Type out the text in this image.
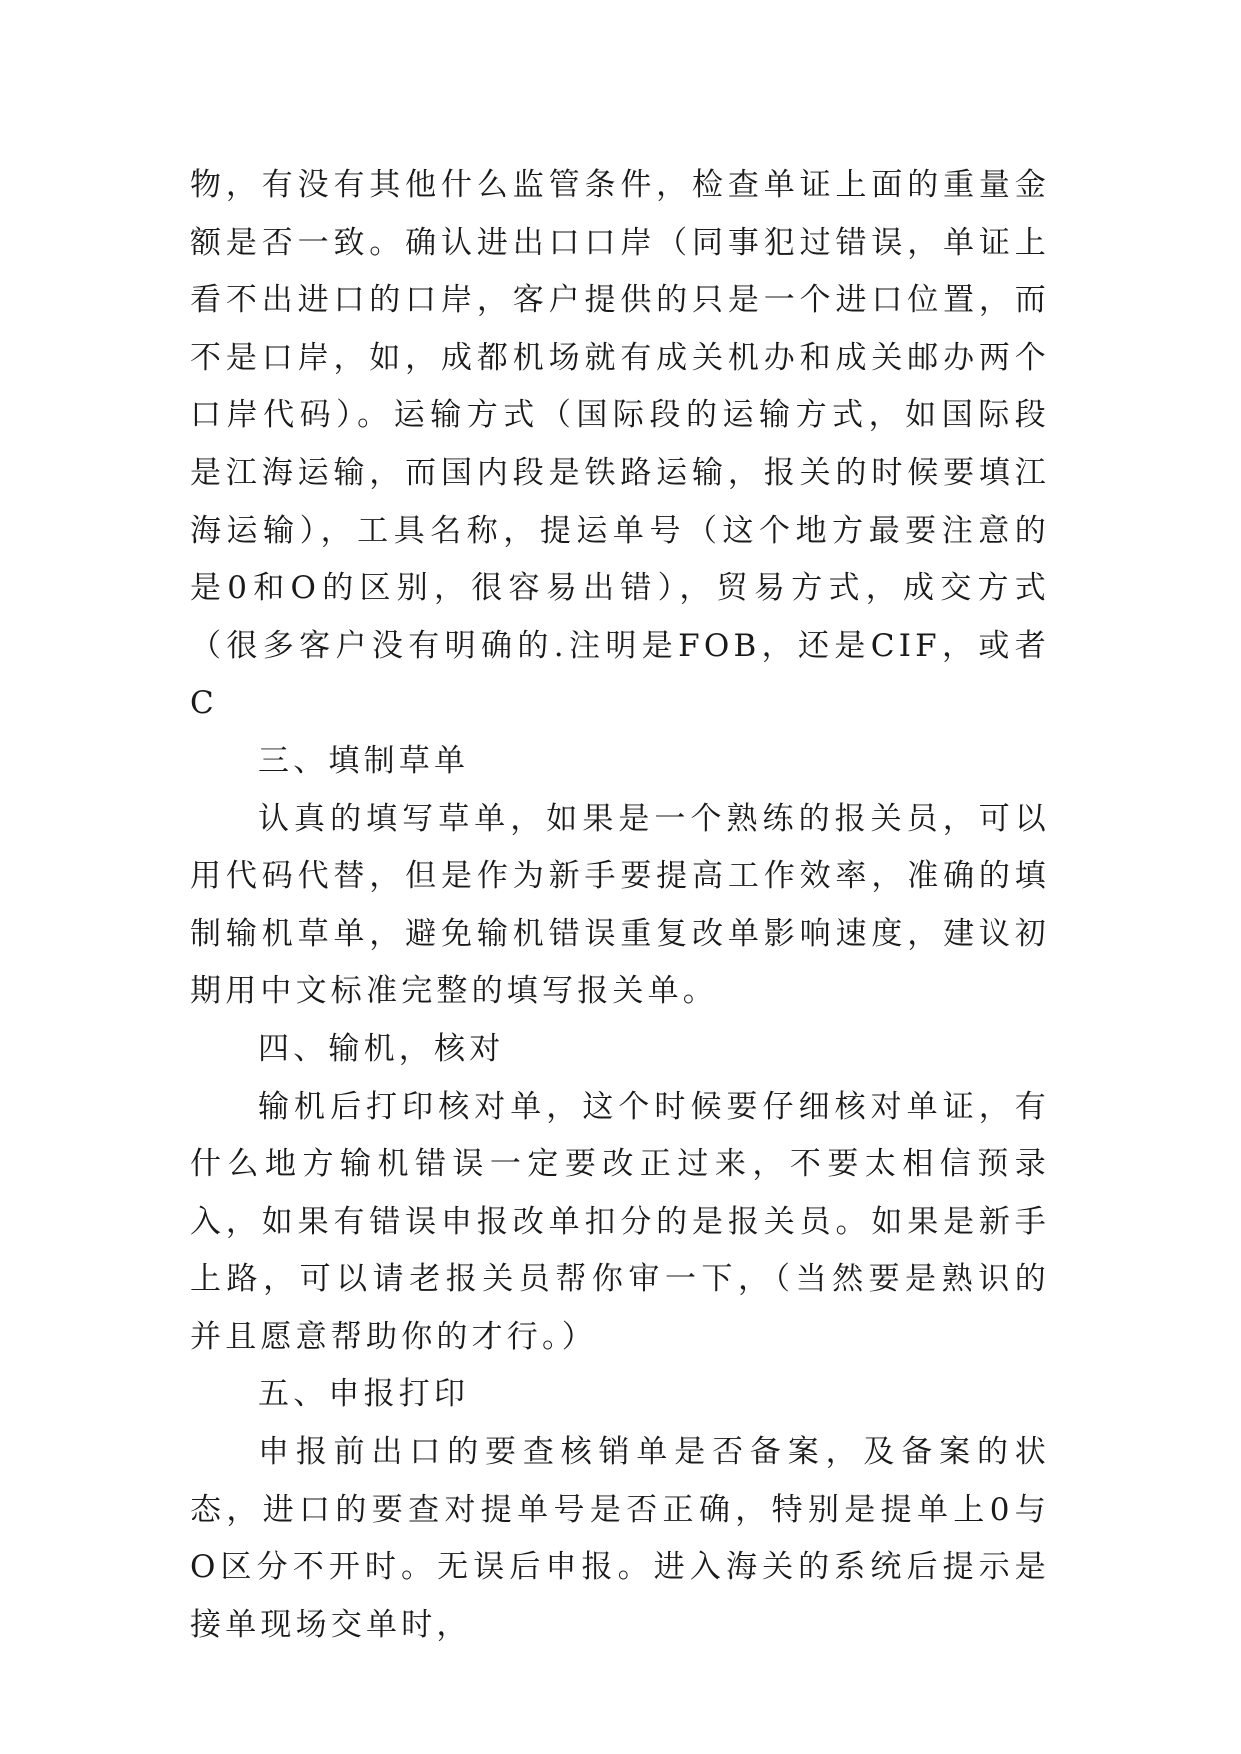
物，有没有其他什么监管条件，检查单证上面的重量金额是否一致。确认进出口口岸（同事犯过错误，单证上看不出进口的口岸，客户提供的只是一个进口位置，而不是口岸，如，成都机场就有成关机办和成关邮办两个口岸代码）。运输方式（国际段的运输方式，如国际段是江海运输，而国内段是铁路运输，报关的时候要填江海运输），工具名称，提运单号（这个地方最要注意的是0和O的区别，很容易出错），贸易方式，成交方式（很多客户没有明确的.注明是FOB，还是CIF，或者C

三、填制草单

认真的填写草单，如果是一个熟练的报关员，可以用代码代替，但是作为新手要提高工作效率，准确的填制输机草单，避免输机错误重复改单影响速度，建议初期用中文标准完整的填写报关单。

四、输机，核对

输机后打印核对单，这个时候要仔细核对单证，有什么地方输机错误一定要改正过来，不要太相信预录入，如果有错误申报改单扣分的是报关员。如果是新手上路，可以请老报关员帮你审一下，（当然要是熟识的并且愿意帮助你的才行。）

五、申报打印

申报前出口的要查核销单是否备案，及备案的状态，进口的要查对提单号是否正确，特别是提单上0与O区分不开时。无误后申报。进入海关的系统后提示是接单现场交单时，
